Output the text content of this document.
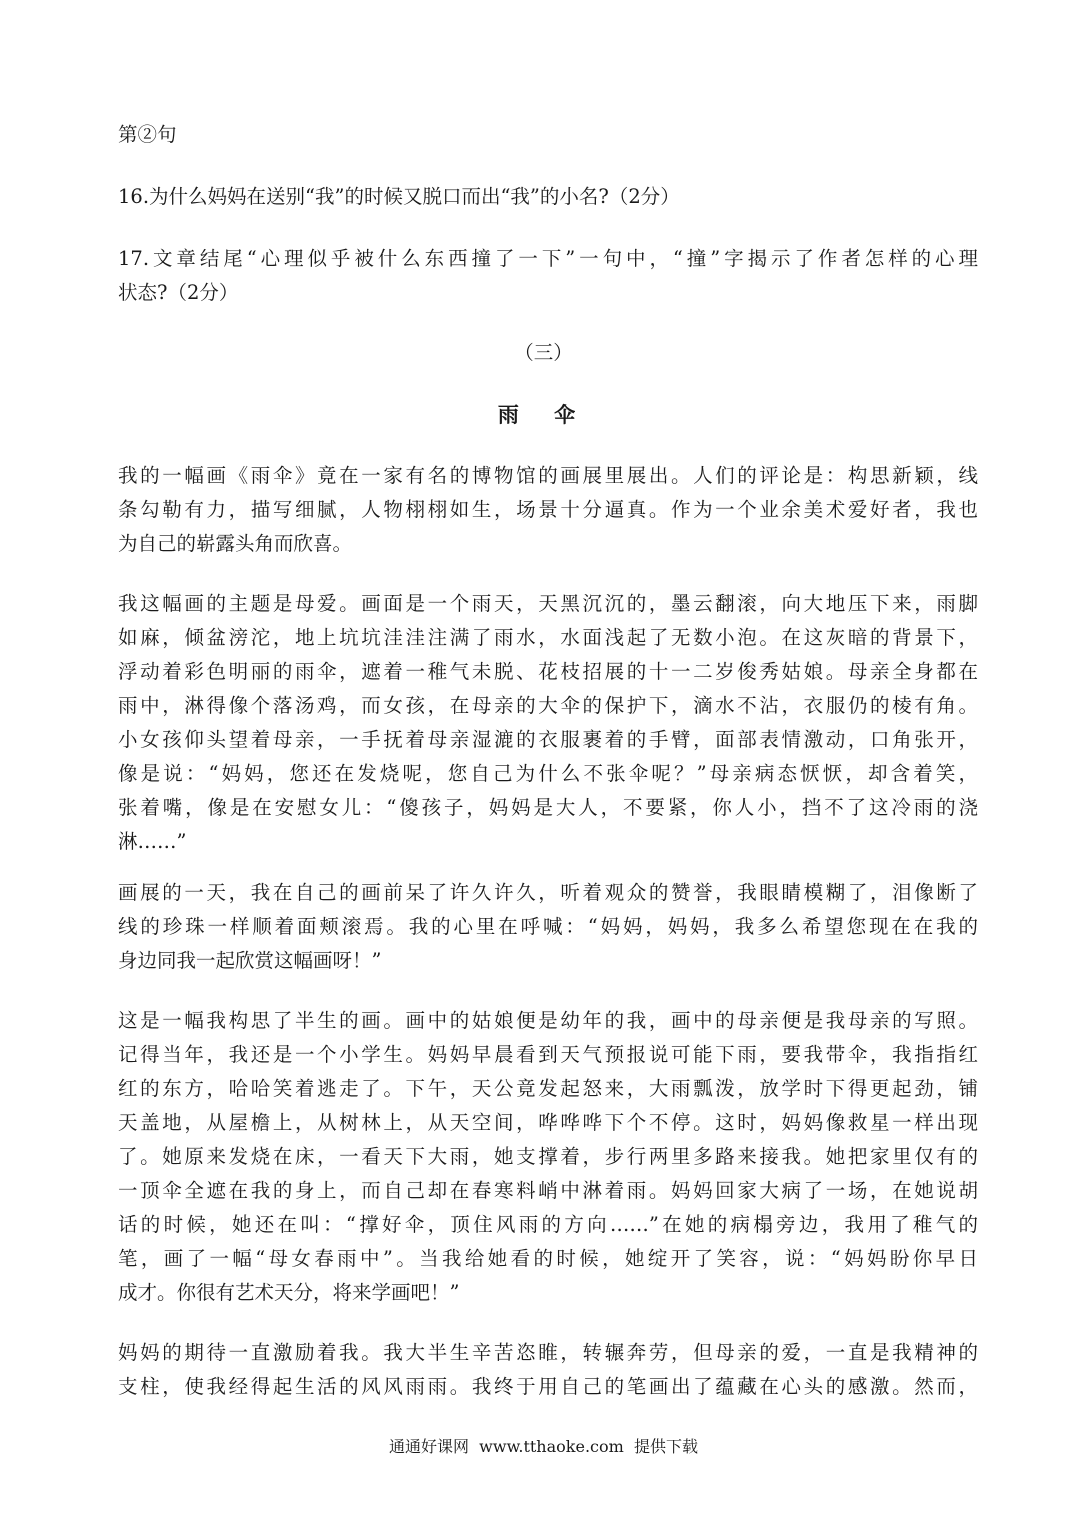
第②句
16.为什么妈妈在送别“我”的时候又脱口而出“我”的小名?（2分）
17.文章结尾“心理似乎被什么东西撞了一下”一句中，“撞”字揭示了作者怎样的心理
状态?（2分）
（三）
雨 伞
我的一幅画《雨伞》竟在一家有名的博物馆的画展里展出。人们的评论是：构思新颖，线
条勾勒有力，描写细腻，人物栩栩如生，场景十分逼真。作为一个业余美术爱好者，我也
为自己的崭露头角而欣喜。
我这幅画的主题是母爱。画面是一个雨天，天黑沉沉的，墨云翻滚，向大地压下来，雨脚
如麻，倾盆滂沱，地上坑坑洼洼注满了雨水，水面浅起了无数小泡。在这灰暗的背景下，
浮动着彩色明丽的雨伞，遮着一稚气未脱、花枝招展的十一二岁俊秀姑娘。母亲全身都在
雨中，淋得像个落汤鸡，而女孩，在母亲的大伞的保护下，滴水不沾，衣服仍的棱有角。
小女孩仰头望着母亲，一手抚着母亲湿漉的衣服裹着的手臂，面部表情激动，口角张开，
像是说：“妈妈，您还在发烧呢，您自己为什么不张伞呢？”母亲病态恹恹，却含着笑，
张着嘴，像是在安慰女儿：“傻孩子，妈妈是大人，不要紧，你人小，挡不了这冷雨的浇
淋……”
画展的一天，我在自己的画前呆了许久许久，听着观众的赞誉，我眼睛模糊了，泪像断了
线的珍珠一样顺着面颊滚焉。我的心里在呼喊：“妈妈，妈妈，我多么希望您现在在我的
身边同我一起欣赏这幅画呀！”
这是一幅我构思了半生的画。画中的姑娘便是幼年的我，画中的母亲便是我母亲的写照。
记得当年，我还是一个小学生。妈妈早晨看到天气预报说可能下雨，要我带伞，我指指红
红的东方，哈哈笑着逃走了。下午，天公竟发起怒来，大雨瓢泼，放学时下得更起劲，铺
天盖地，从屋檐上，从树林上，从天空间，哗哗哗下个不停。这时，妈妈像救星一样出现
了。她原来发烧在床，一看天下大雨，她支撑着，步行两里多路来接我。她把家里仅有的
一顶伞全遮在我的身上，而自己却在春寒料峭中淋着雨。妈妈回家大病了一场，在她说胡
话的时候，她还在叫：“撑好伞，顶住风雨的方向……”在她的病榻旁边，我用了稚气的
笔，画了一幅“母女春雨中”。当我给她看的时候，她绽开了笑容，说：“妈妈盼你早日
成才。你很有艺术天分，将来学画吧！”
妈妈的期待一直激励着我。我大半生辛苦恣睢，转辗奔劳，但母亲的爱，一直是我精神的
支柱，使我经得起生活的风风雨雨。我终于用自己的笔画出了蕴藏在心头的感激。然而，
通通好课网  www.tthaoke.com  提供下载
